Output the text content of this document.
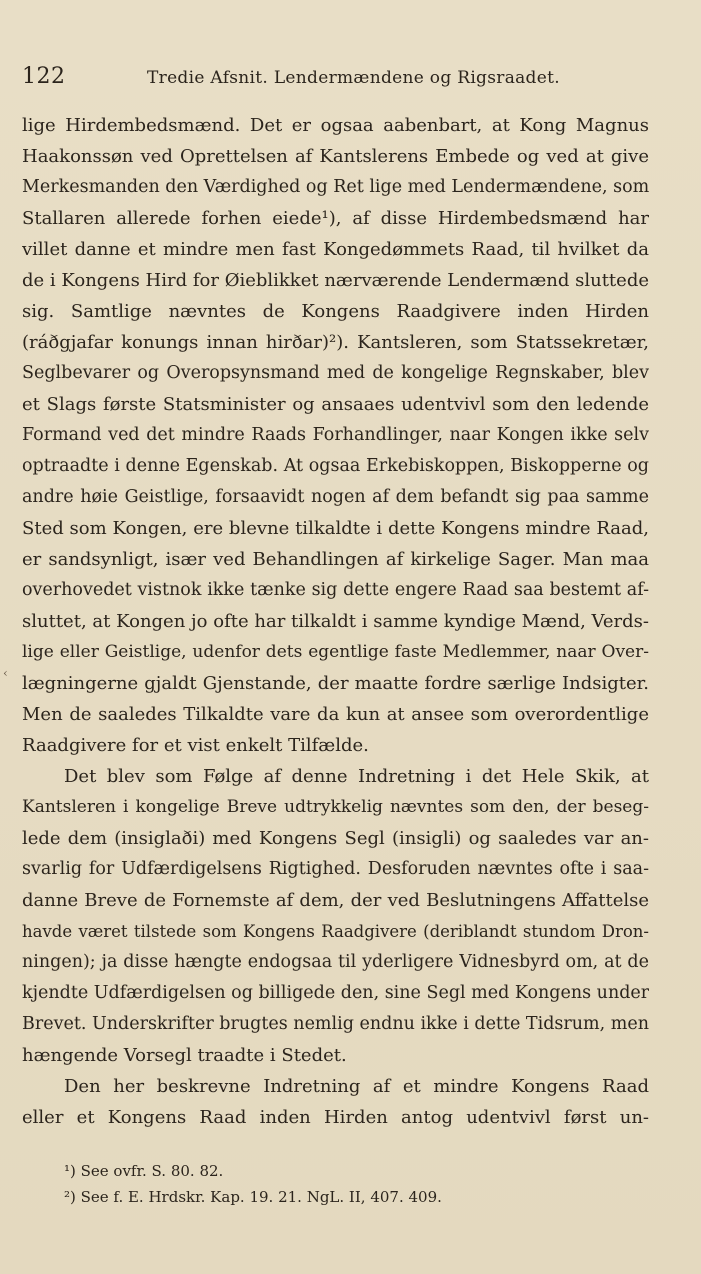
122	Tredie Afsnit. Lendermændene og Rigsraadet.
‹
lige Hirdembedsmænd. Det er ogsaa aabenbart, at Kong Magnus
Haakonssøn ved Oprettelsen af Kantslerens Embede og ved at give
Merkesmanden den Værdighed og Ret lige med Lendermændene, som
Stallaren allerede forhen eiede¹), af disse Hirdembedsmænd har
villet danne et mindre men fast Kongedømmets Raad, til hvilket da
de i Kongens Hird for Øieblikket nærværende Lendermænd sluttede
sig. Samtlige nævntes de Kongens Raadgivere inden Hirden
(ráðgjafar konungs innan hirðar)²). Kantsleren, som Statssekretær,
Seglbevarer og Overopsynsmand med de kongelige Regnskaber, blev
et Slags første Statsminister og ansaaes udentvivl som den ledende
Formand ved det mindre Raads Forhandlinger, naar Kongen ikke selv
optraadte i denne Egenskab. At ogsaa Erkebiskoppen, Biskopperne og
andre høie Geistlige, forsaavidt nogen af dem befandt sig paa samme
Sted som Kongen, ere blevne tilkaldte i dette Kongens mindre Raad,
er sandsynligt, især ved Behandlingen af kirkelige Sager. Man maa
overhovedet vistnok ikke tænke sig dette engere Raad saa bestemt af-
sluttet, at Kongen jo ofte har tilkaldt i samme kyndige Mænd, Verds-
lige eller Geistlige, udenfor dets egentlige faste Medlemmer, naar Over-
lægningerne gjaldt Gjenstande, der maatte fordre særlige Indsigter.
Men de saaledes Tilkaldte vare da kun at ansee som overordentlige
Raadgivere for et vist enkelt Tilfælde.
Det blev som Følge af denne Indretning i det Hele Skik, at
Kantsleren i kongelige Breve udtrykkelig nævntes som den, der beseg-
lede dem (insiglaði) med Kongens Segl (insigli) og saaledes var an-
svarlig for Udfærdigelsens Rigtighed. Desforuden nævntes ofte i saa-
danne Breve de Fornemste af dem, der ved Beslutningens Affattelse
havde været tilstede som Kongens Raadgivere (deriblandt stundom Dron-
ningen); ja disse hængte endogsaa til yderligere Vidnesbyrd om, at de
kjendte Udfærdigelsen og billigede den, sine Segl med Kongens under
Brevet. Underskrifter brugtes nemlig endnu ikke i dette Tidsrum, men
hængende Vorsegl traadte i Stedet.
Den her beskrevne Indretning af et mindre Kongens Raad
eller et Kongens Raad inden Hirden antog udentvivl først un-
¹) See ovfr. S. 80. 82.
²) See f. E. Hrdskr. Kap. 19. 21. NgL. II, 407. 409.
